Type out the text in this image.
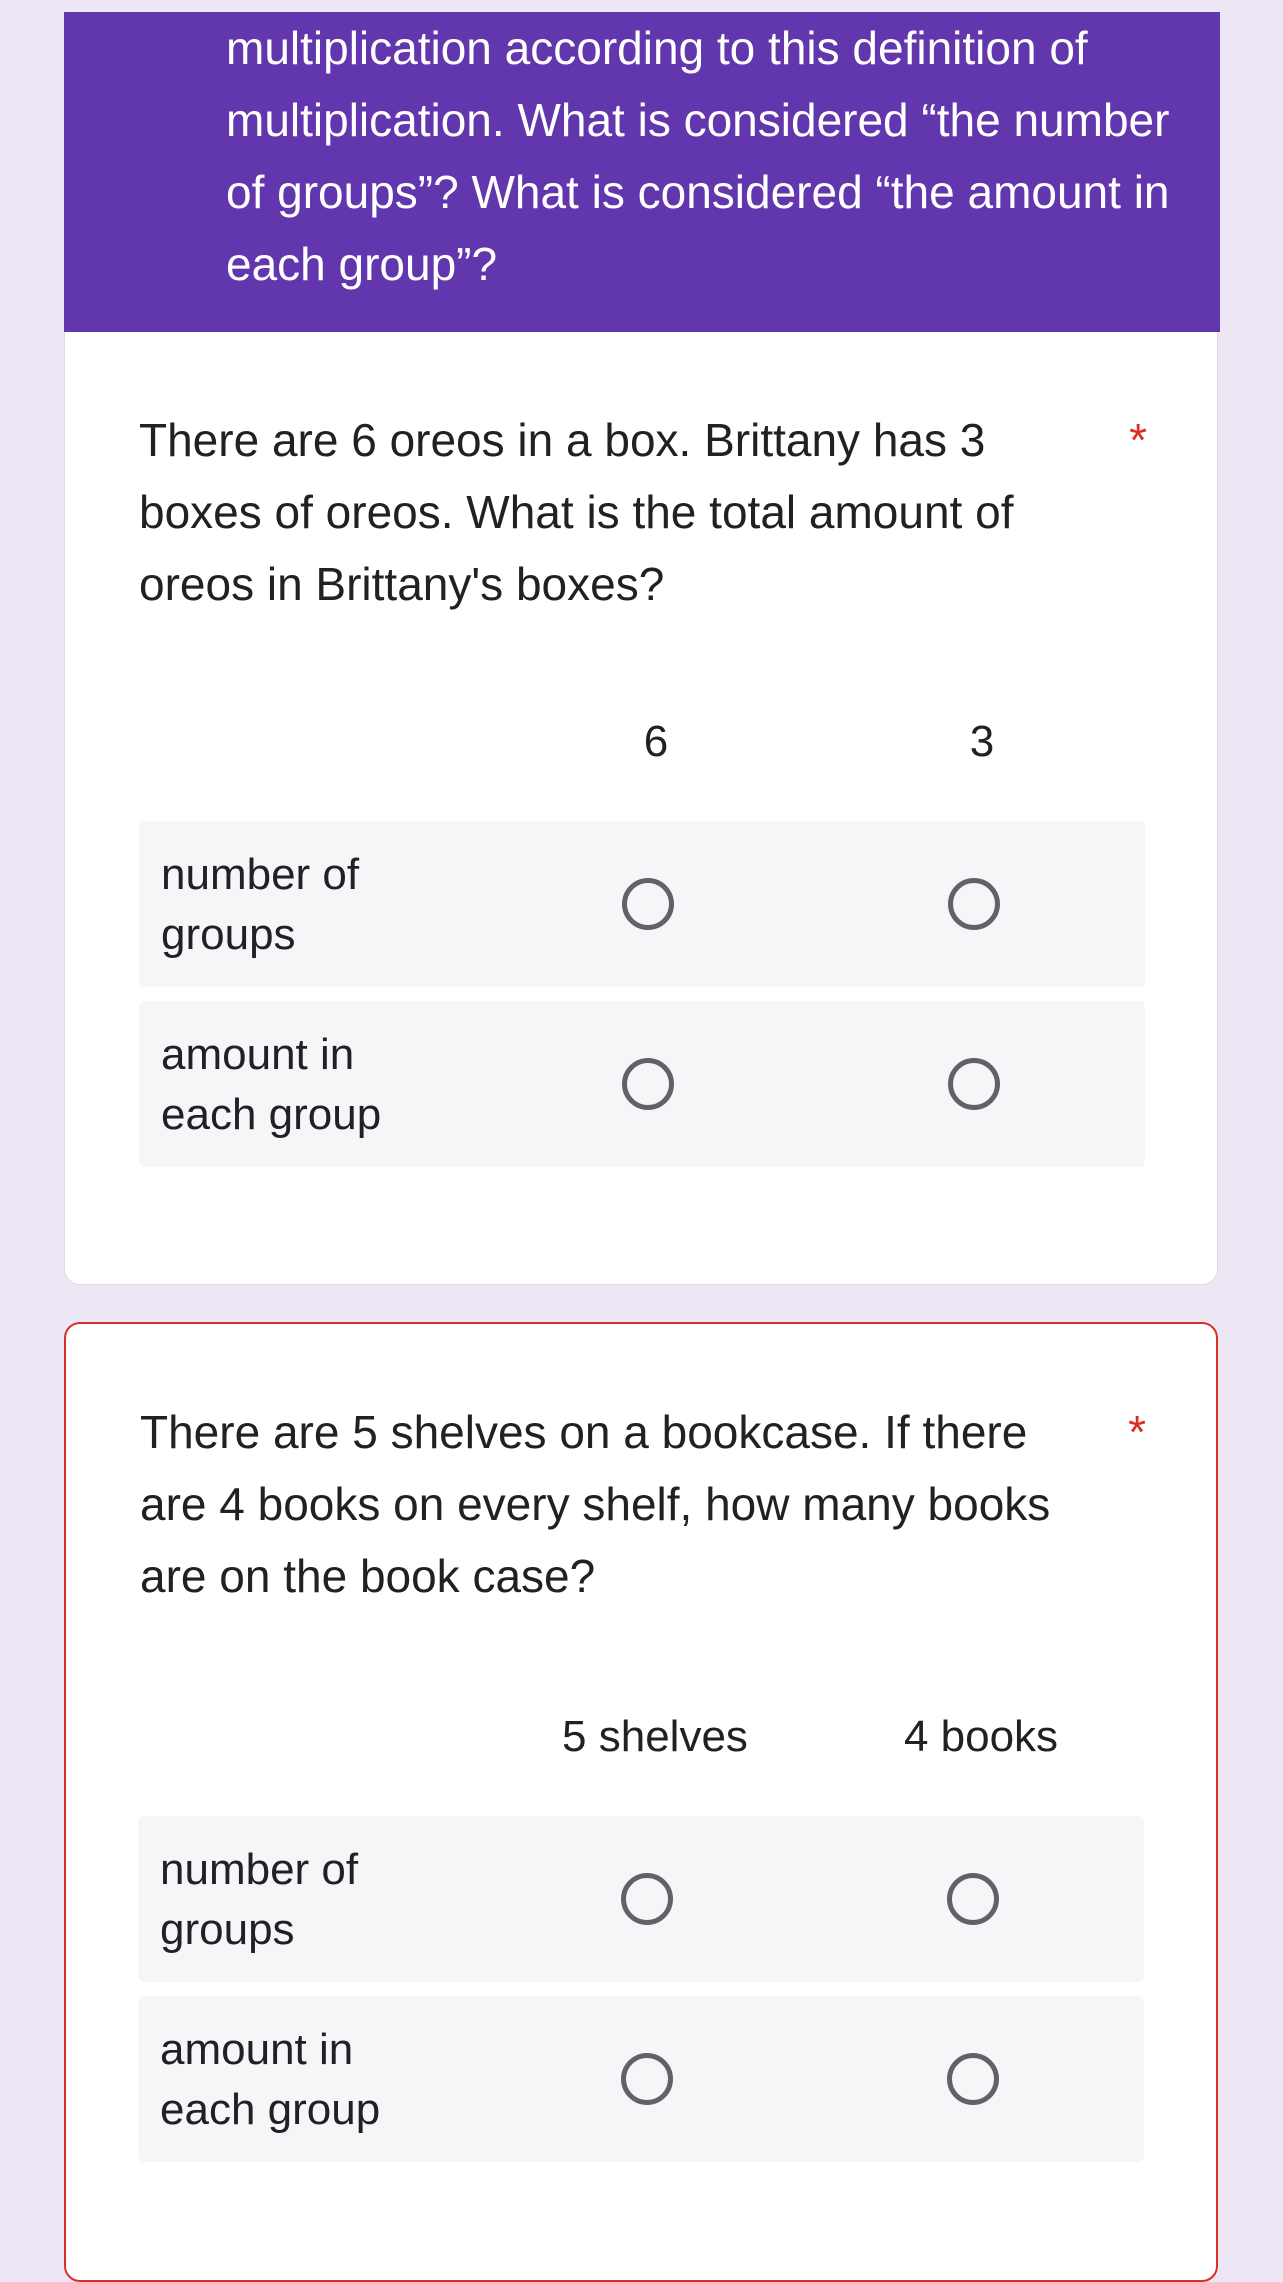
multiplication according to this definition of multiplication. What is considered “the number of groups”? What is considered “the amount in each group”?

There are 6 oreos in a box. Brittany has 3 boxes of oreos. What is the total amount of oreos in Brittany's boxes?

*
6	3
number of groups
amount in each group

There are 5 shelves on a bookcase. If there are 4 books on every shelf, how many books are on the book case?

*
5 shelves	4 books
number of groups
amount in each group
